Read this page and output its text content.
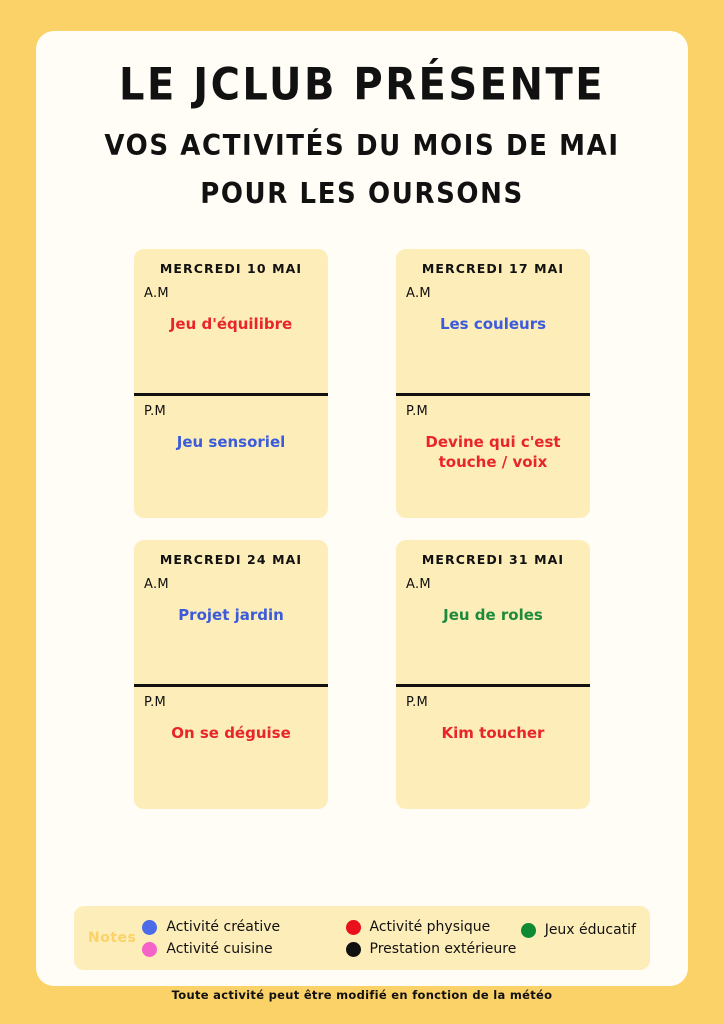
LE JCLUB PRÉSENTE
VOS ACTIVITÉS DU MOIS DE MAI
POUR LES OURSONS
MERCREDI 10 MAI
A.M
Jeu d'équilibre
P.M
Jeu sensoriel
MERCREDI 17 MAI
A.M
Les couleurs
P.M
Devine qui c'est touche / voix
MERCREDI 24 MAI
A.M
Projet jardin
P.M
On se déguise
MERCREDI 31 MAI
A.M
Jeu de roles
P.M
Kim toucher
Notes
Activité créative	Activité physique
Activité cuisine	Prestation extérieure
Jeux éducatif
Toute activité peut être modifié en fonction de la météo
